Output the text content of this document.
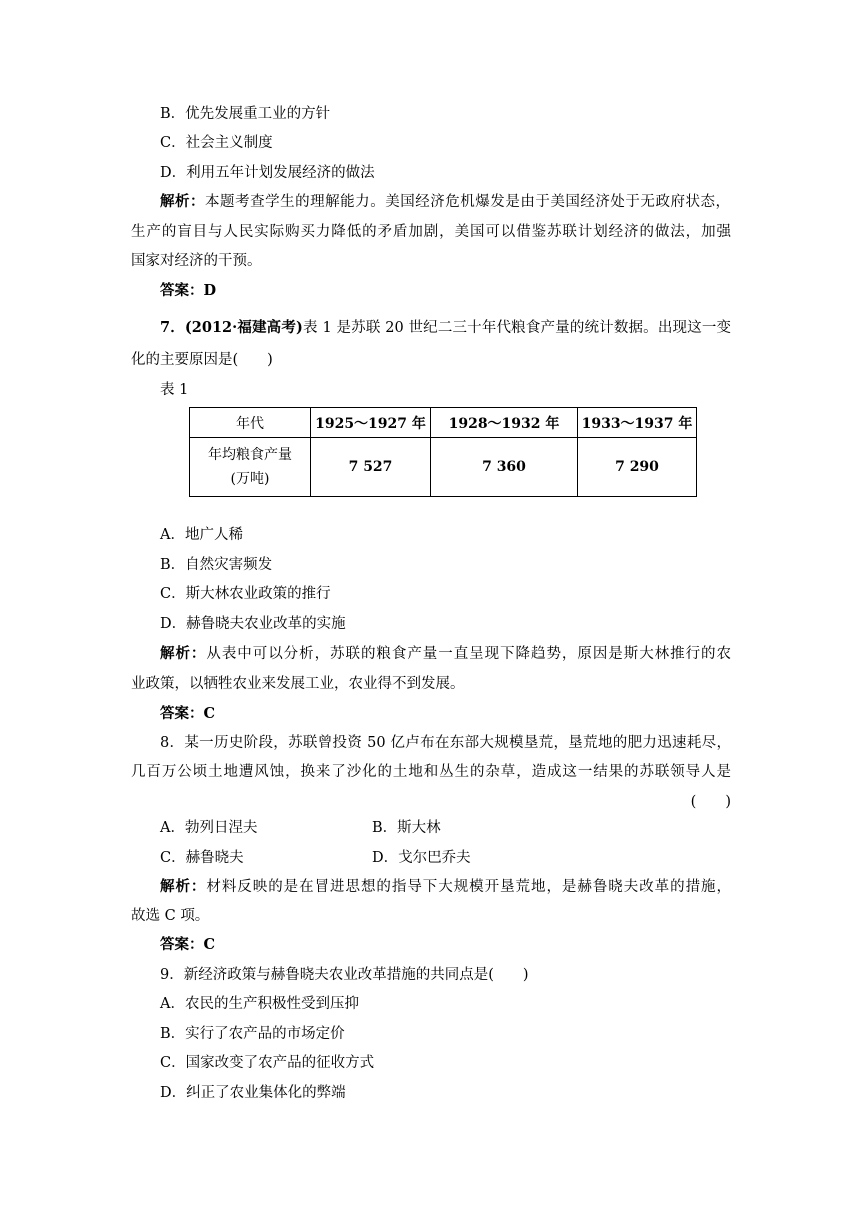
B．优先发展重工业的方针
C．社会主义制度
D．利用五年计划发展经济的做法
解析：本题考查学生的理解能力。美国经济危机爆发是由于美国经济处于无政府状态，
生产的盲目与人民实际购买力降低的矛盾加剧，美国可以借鉴苏联计划经济的做法，加强
国家对经济的干预。
答案：D
7．(2012·福建高考)表 1 是苏联 20 世纪二三十年代粮食产量的统计数据。出现这一变
化的主要原因是(　　)
表 1
年代	1925～1927 年	1928～1932 年	1933～1937 年

年均粮食产量
(万吨)	7 527	7 360	7 290
A．地广人稀
B．自然灾害频发
C．斯大林农业政策的推行
D．赫鲁晓夫农业改革的实施
解析：从表中可以分析，苏联的粮食产量一直呈现下降趋势，原因是斯大林推行的农
业政策，以牺牲农业来发展工业，农业得不到发展。
答案：C
8．某一历史阶段，苏联曾投资 50 亿卢布在东部大规模垦荒，垦荒地的肥力迅速耗尽，
几百万公顷土地遭风蚀，换来了沙化的土地和丛生的杂草，造成这一结果的苏联领导人是
(　　)
A．勃列日涅夫	B．斯大林
C．赫鲁晓夫	D．戈尔巴乔夫
解析：材料反映的是在冒进思想的指导下大规模开垦荒地，是赫鲁晓夫改革的措施，
故选 C 项。
答案：C
9．新经济政策与赫鲁晓夫农业改革措施的共同点是(　　)
A．农民的生产积极性受到压抑
B．实行了农产品的市场定价
C．国家改变了农产品的征收方式
D．纠正了农业集体化的弊端
